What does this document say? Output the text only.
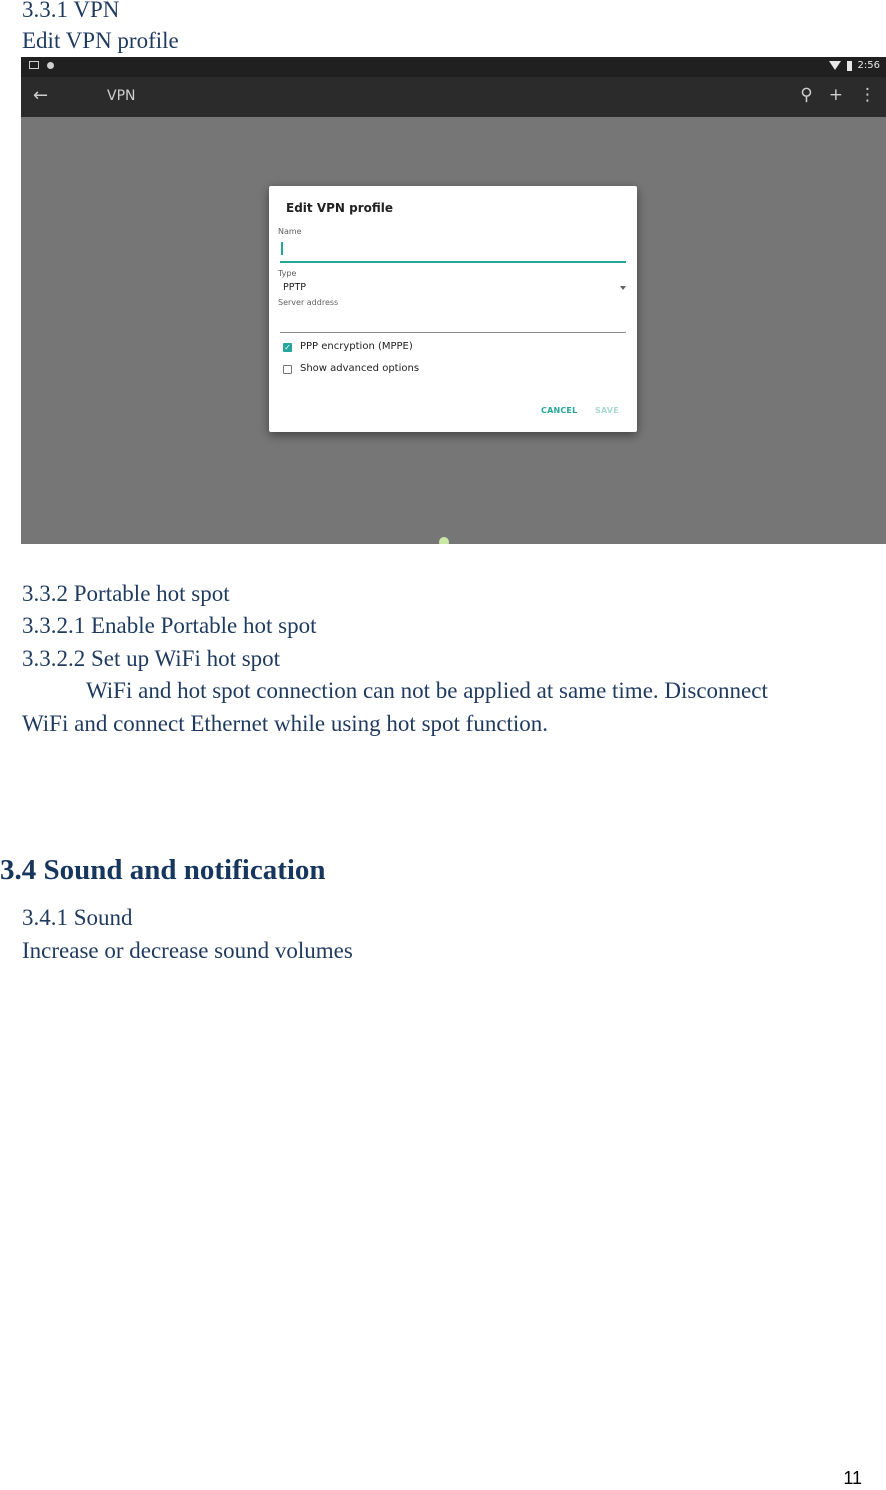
3.3.1 VPN
Edit VPN profile
2:56
←	VPN	⚲ + ⋮
Edit VPN profile
Name
Type
PPTP
Server address
✓ PPP encryption (MPPE)
Show advanced options
CANCEL SAVE
3.3.2 Portable hot spot
3.3.2.1 Enable Portable hot spot
3.3.2.2 Set up WiFi hot spot
WiFi and hot spot connection can not be applied at same time. Disconnect
WiFi and connect Ethernet while using hot spot function.
3.4 Sound and notification
3.4.1 Sound
Increase or decrease sound volumes
11
